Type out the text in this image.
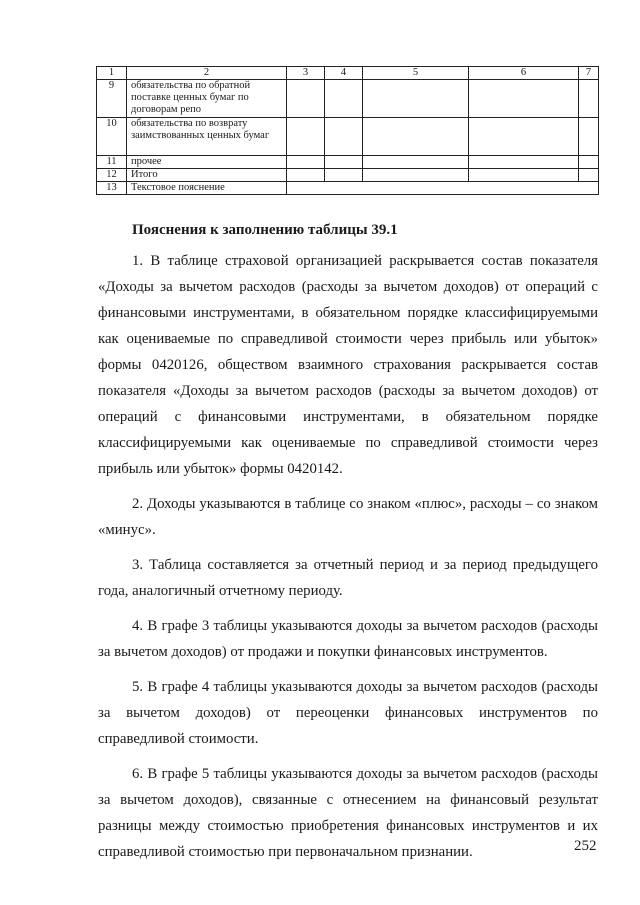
1	2	3	4	5	6	7
9	обязательства по обратной поставке ценных бумаг по договорам репо					
10	обязательства по возврату заимствованных ценных бумаг					
11	прочее					
12	Итого					
13	Текстовое пояснение					
Пояснения к заполнению таблицы 39.1

1. В таблице страховой организацией раскрывается состав показателя «Доходы за вычетом расходов (расходы за вычетом доходов) от операций с финансовыми инструментами, в обязательном порядке классифицируемыми как оцениваемые по справедливой стоимости через прибыль или убыток» формы 0420126, обществом взаимного страхования раскрывается состав показателя «Доходы за вычетом расходов (расходы за вычетом доходов) от операций с финансовыми инструментами, в обязательном порядке классифицируемыми как оцениваемые по справедливой стоимости через прибыль или убыток» формы 0420142.

2. Доходы указываются в таблице со знаком «плюс», расходы – со знаком «минус».

3. Таблица составляется за отчетный период и за период предыдущего года, аналогичный отчетному периоду.

4. В графе 3 таблицы указываются доходы за вычетом расходов (расходы за вычетом доходов) от продажи и покупки финансовых инструментов.

5. В графе 4 таблицы указываются доходы за вычетом расходов (расходы за вычетом доходов) от переоценки финансовых инструментов по справедливой стоимости.

6. В графе 5 таблицы указываются доходы за вычетом расходов (расходы за вычетом доходов), связанные с отнесением на финансовый результат разницы между стоимостью приобретения финансовых инструментов и их справедливой стоимостью при первоначальном признании.	252
